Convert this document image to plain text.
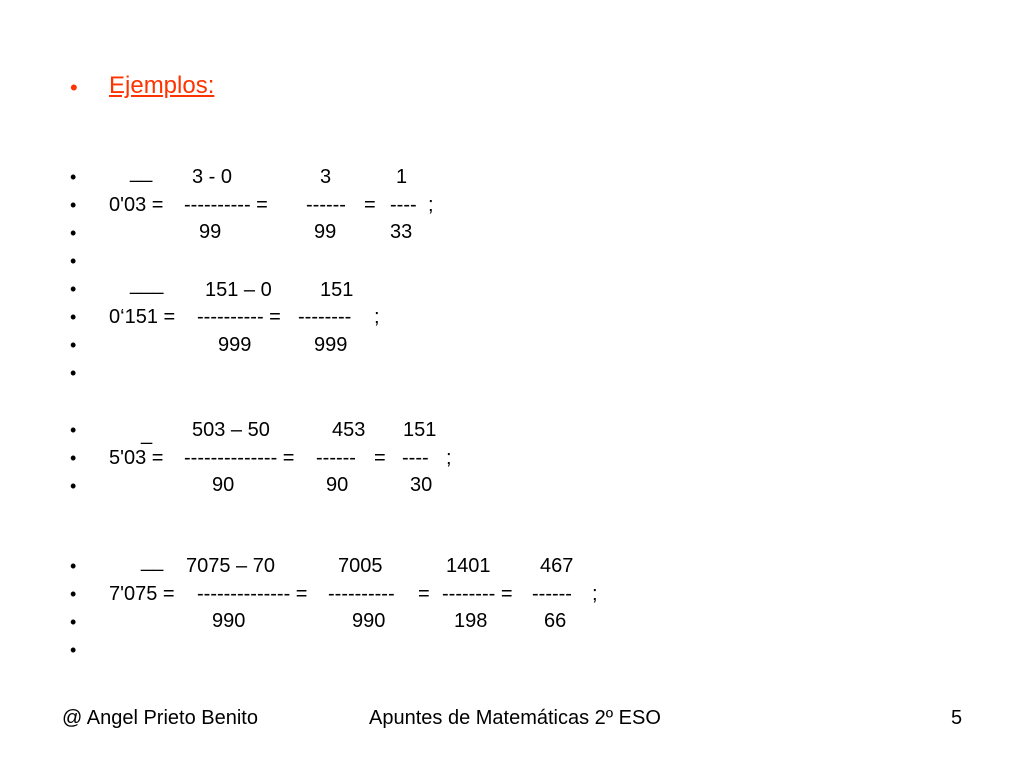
• Ejemplos:
•
•
•
•
•
•
•
•
•
•
•
•
•
•
•
__ 3 - 0	3	1
0'03 = ---------- = ------ = ---- ;
99	99	33
___ 151 – 0 151
0‘151 = ---------- = -------- ;
999	999
_ 503 – 50	453 151
5'03 = -------------- = ------ = ---- ;
90	90	30
__ 7075 – 70	7005	1401 467
7'075 = -------------- = ---------- = -------- = ------ ;
990	990	198	66
@ Angel Prieto Benito	Apuntes de Matemáticas 2º ESO	5
